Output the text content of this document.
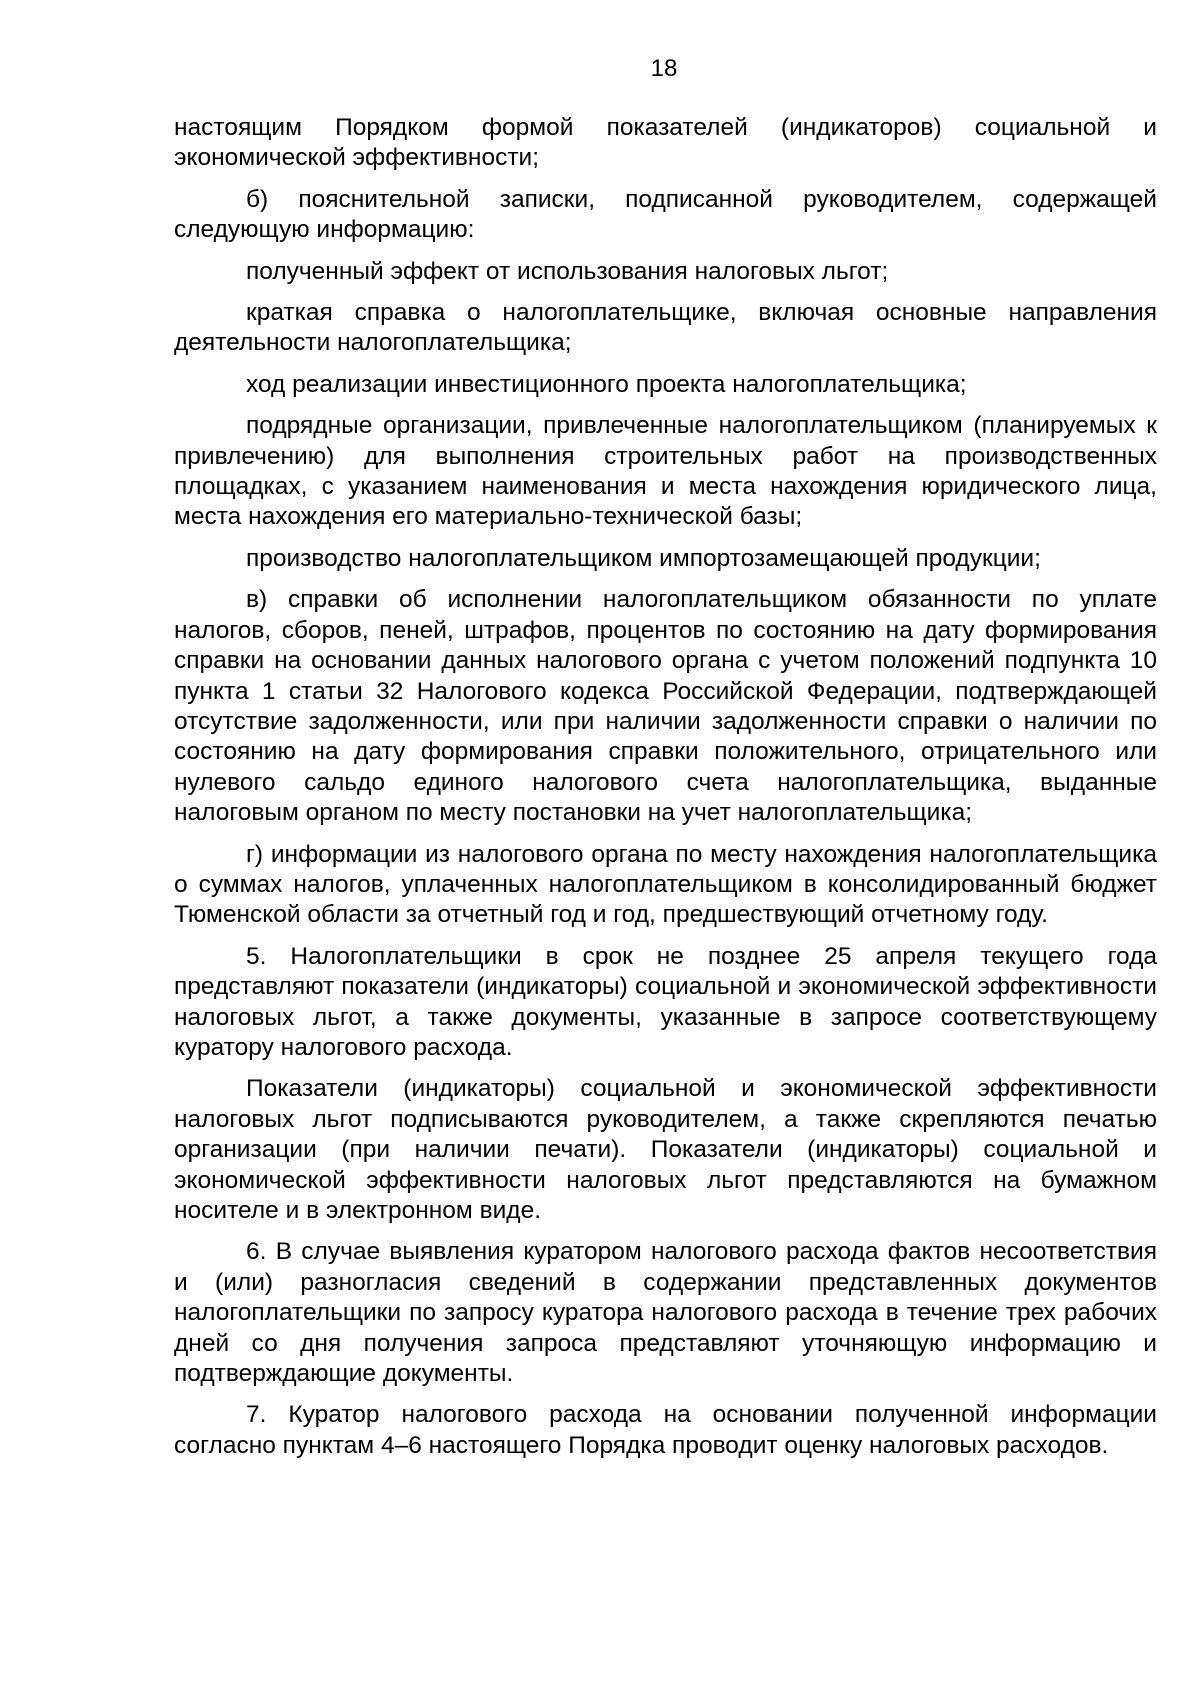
18

настоящим Порядком формой показателей (индикаторов) социальной и экономической эффективности;

б) пояснительной записки, подписанной руководителем, содержащей следующую информацию:

полученный эффект от использования налоговых льгот;

краткая справка о налогоплательщике, включая основные направления деятельности налогоплательщика;

ход реализации инвестиционного проекта налогоплательщика;

подрядные организации, привлеченные налогоплательщиком (планируемых к привлечению) для выполнения строительных работ на производственных площадках, с указанием наименования и места нахождения юридического лица, места нахождения его материально-технической базы;

производство налогоплательщиком импортозамещающей продукции;

в) справки об исполнении налогоплательщиком обязанности по уплате налогов, сборов, пеней, штрафов, процентов по состоянию на дату формирования справки на основании данных налогового органа с учетом положений подпункта 10 пункта 1 статьи 32 Налогового кодекса Российской Федерации, подтверждающей отсутствие задолженности, или при наличии задолженности справки о наличии по состоянию на дату формирования справки положительного, отрицательного или нулевого сальдо единого налогового счета налогоплательщика, выданные налоговым органом по месту постановки на учет налогоплательщика;

г) информации из налогового органа по месту нахождения налогоплательщика о суммах налогов, уплаченных налогоплательщиком в консолидированный бюджет Тюменской области за отчетный год и год, предшествующий отчетному году.

5. Налогоплательщики в срок не позднее 25 апреля текущего года представляют показатели (индикаторы) социальной и экономической эффективности налоговых льгот, а также документы, указанные в запросе соответствующему куратору налогового расхода.

Показатели (индикаторы) социальной и экономической эффективности налоговых льгот подписываются руководителем, а также скрепляются печатью организации (при наличии печати). Показатели (индикаторы) социальной и экономической эффективности налоговых льгот представляются на бумажном носителе и в электронном виде.

6. В случае выявления куратором налогового расхода фактов несоответствия и (или) разногласия сведений в содержании представленных документов налогоплательщики по запросу куратора налогового расхода в течение трех рабочих дней со дня получения запроса представляют уточняющую информацию и подтверждающие документы.

7. Куратор налогового расхода на основании полученной информации согласно пунктам 4–6 настоящего Порядка проводит оценку налоговых расходов.
